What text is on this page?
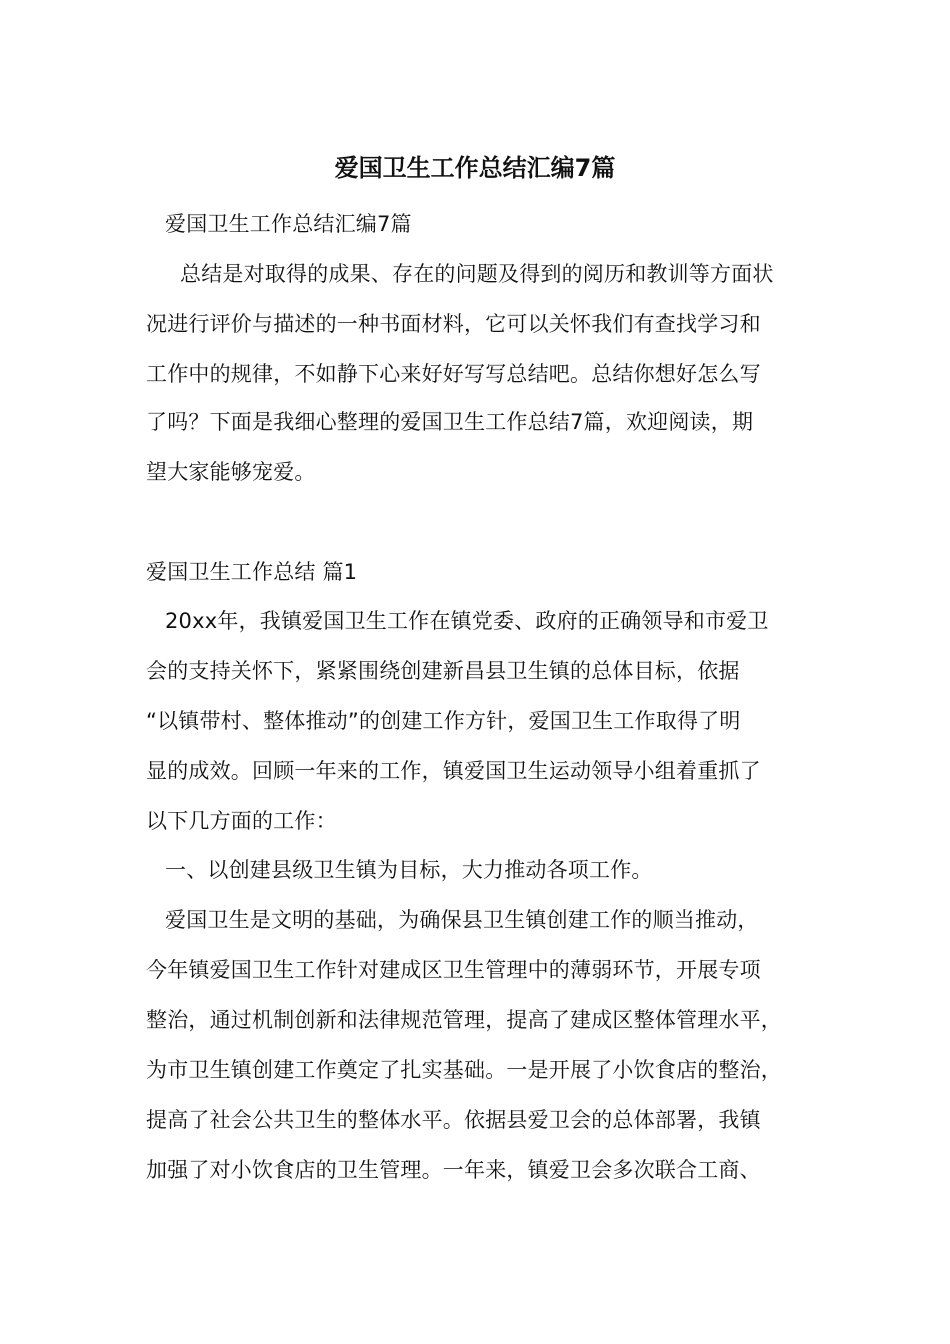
爱国卫生工作总结汇编7篇
爱国卫生工作总结汇编7篇
总结是对取得的成果、存在的问题及得到的阅历和教训等方面状
况进行评价与描述的一种书面材料，它可以关怀我们有查找学习和
工作中的规律，不如静下心来好好写写总结吧。总结你想好怎么写
了吗？下面是我细心整理的爱国卫生工作总结7篇，欢迎阅读，期
望大家能够宠爱。
爱国卫生工作总结 篇1
20xx年，我镇爱国卫生工作在镇党委、政府的正确领导和市爱卫
会的支持关怀下，紧紧围绕创建新昌县卫生镇的总体目标，依据
“以镇带村、整体推动”的创建工作方针，爱国卫生工作取得了明
显的成效。回顾一年来的工作，镇爱国卫生运动领导小组着重抓了
以下几方面的工作：
一、以创建县级卫生镇为目标，大力推动各项工作。
爱国卫生是文明的基础，为确保县卫生镇创建工作的顺当推动，
今年镇爱国卫生工作针对建成区卫生管理中的薄弱环节，开展专项
整治，通过机制创新和法律规范管理，提高了建成区整体管理水平，
为市卫生镇创建工作奠定了扎实基础。一是开展了小饮食店的整治，
提高了社会公共卫生的整体水平。依据县爱卫会的总体部署，我镇
加强了对小饮食店的卫生管理。一年来，镇爱卫会多次联合工商、
